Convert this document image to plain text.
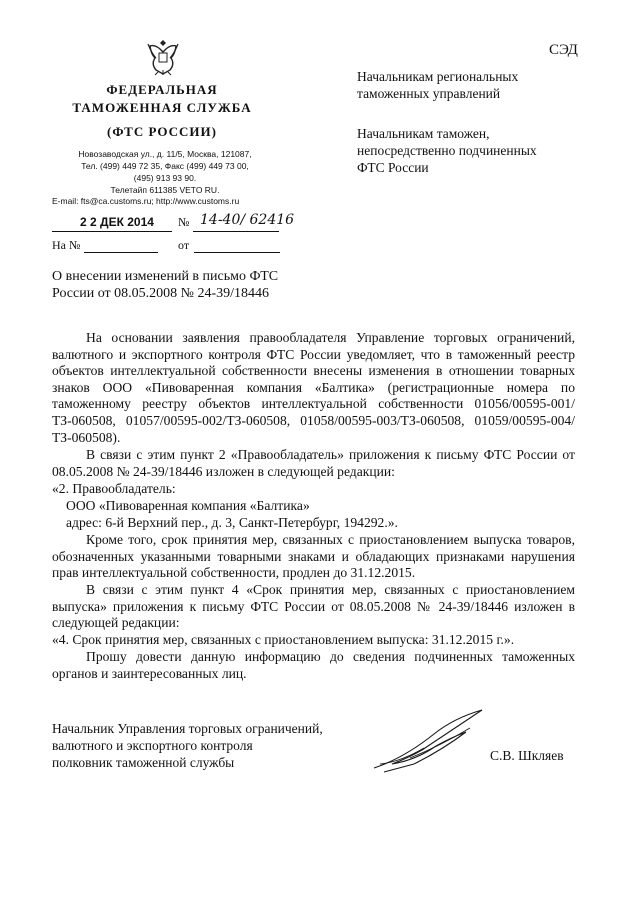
СЭД
ФЕДЕРАЛЬНАЯ
ТАМОЖЕННАЯ СЛУЖБА
(ФТС РОССИИ)
Новозаводская ул., д. 11/5, Москва, 121087,
Тел. (499) 449 72 35, Факс (499) 449 73 00,
(495) 913 93 90.
Телетайп 611385 VETO RU.
E-mail: fts@ca.customs.ru; http://www.customs.ru
2 2 ДЕК 2014 № 14-40/ 62416
На №	от
Начальникам региональных
таможенных управлений
Начальникам таможен,
непосредственно подчиненных
ФТС России
О внесении изменений в письмо ФТС
России от 08.05.2008 № 24-39/18446
На основании заявления правообладателя Управление торговых ограничений, валютного и экспортного контроля ФТС России уведомляет, что в таможенный реестр объектов интеллектуальной собственности внесены изменения в отношении товарных знаков ООО «Пивоваренная компания «Балтика» (регистрационные номера по таможенному реестру объектов интеллектуальной собственности 01056/00595-001/ТЗ-060508, 01057/00595-002/ТЗ-060508, 01058/00595-003/ТЗ-060508, 01059/00595-004/ТЗ-060508).
В связи с этим пункт 2 «Правообладатель» приложения к письму ФТС России от 08.05.2008 № 24-39/18446 изложен в следующей редакции:
«2. Правообладатель:
ООО «Пивоваренная компания «Балтика»
адрес: 6-й Верхний пер., д. 3, Санкт-Петербург, 194292.».
Кроме того, срок принятия мер, связанных с приостановлением выпуска товаров, обозначенных указанными товарными знаками и обладающих признаками нарушения прав интеллектуальной собственности, продлен до 31.12.2015.
В связи с этим пункт 4 «Срок принятия мер, связанных с приостановлением выпуска» приложения к письму ФТС России от 08.05.2008 № 24-39/18446 изложен в следующей редакции:
«4. Срок принятия мер, связанных с приостановлением выпуска: 31.12.2015 г.».
Прошу довести данную информацию до сведения подчиненных таможенных органов и заинтересованных лиц.
Начальник Управления торговых ограничений,
валютного и экспортного контроля
полковник таможенной службы	С.В. Шкляев
